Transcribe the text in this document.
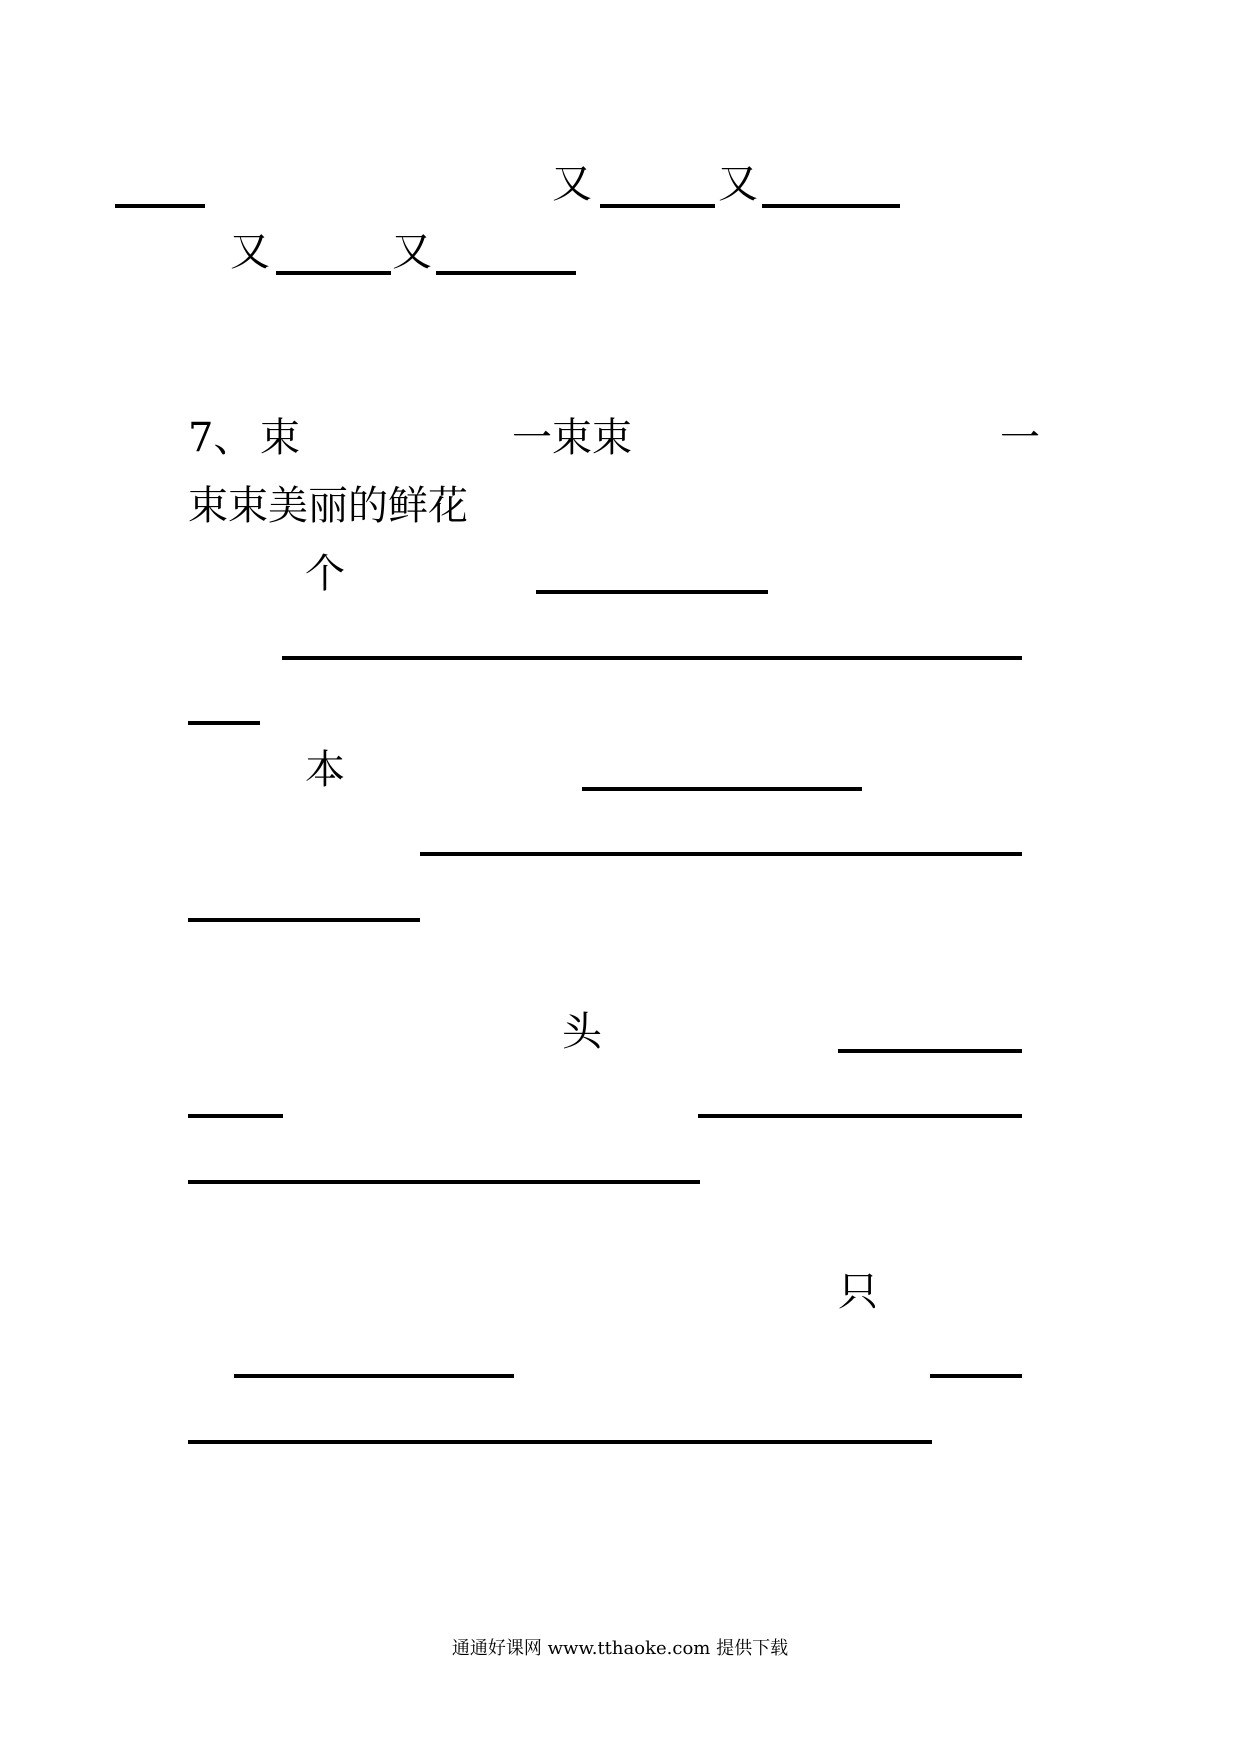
又	又
又	又
7、 束	一束束	一
束束美丽的鲜花
个
本
头
只
通通好课网 www.tthaoke.com 提供下载
